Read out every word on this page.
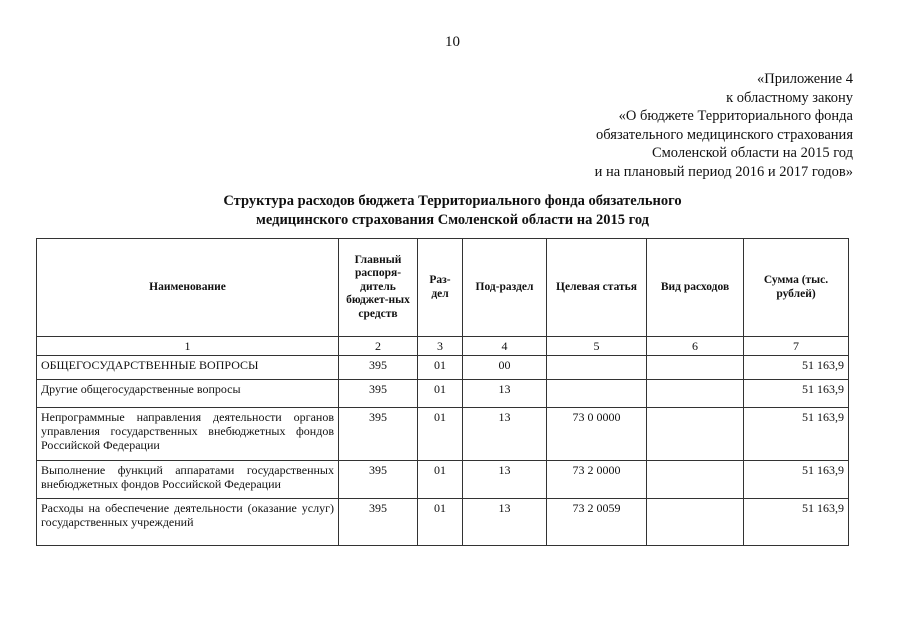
10
«Приложение 4
к областному закону
«О бюджете Территориального фонда
обязательного медицинского страхования
Смоленской области на 2015 год
и на плановый период 2016 и 2017 годов»
Структура расходов бюджета Территориального фонда обязательного
медицинского страхования Смоленской области на 2015 год
Наименование	Главный распоря-дитель бюджет-ных средств	Раз-дел	Под-раздел	Целевая статья	Вид расходов	Сумма (тыс. рублей)
1	2	3	4	5	6	7
ОБЩЕГОСУДАРСТВЕННЫЕ ВОПРОСЫ	395	01	00			51 163,9
Другие общегосударственные вопросы	395	01	13			51 163,9
Непрограммные направления деятельности органов управления государственных внебюджетных фондов Российской Федерации	395	01	13	73 0 0000		51 163,9
Выполнение функций аппаратами государственных внебюджетных фондов Российской Федерации	395	01	13	73 2 0000		51 163,9
Расходы на обеспечение деятельности (оказание услуг) государственных учреждений	395	01	13	73 2 0059		51 163,9
